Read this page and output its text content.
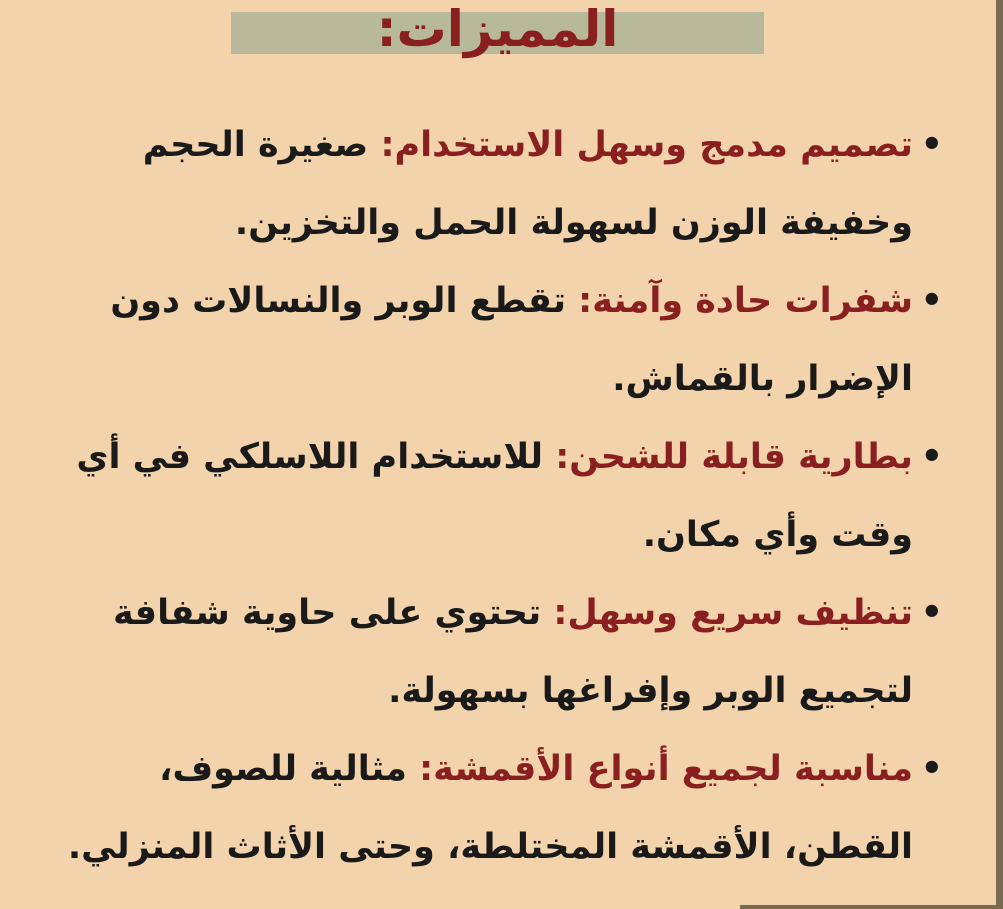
المميزات:
•
تصميم مدمج وسهل الاستخدام: صغيرة الحجم وخفيفة الوزن لسهولة الحمل والتخزين.
•
شفرات حادة وآمنة: تقطع الوبر والنسالات دون الإضرار بالقماش.
•
بطارية قابلة للشحن: للاستخدام اللاسلكي في أي وقت وأي مكان.
•
تنظيف سريع وسهل: تحتوي على حاوية شفافة لتجميع الوبر وإفراغها بسهولة.
•
مناسبة لجميع أنواع الأقمشة: مثالية للصوف، القطن، الأقمشة المختلطة، وحتى الأثاث المنزلي.
